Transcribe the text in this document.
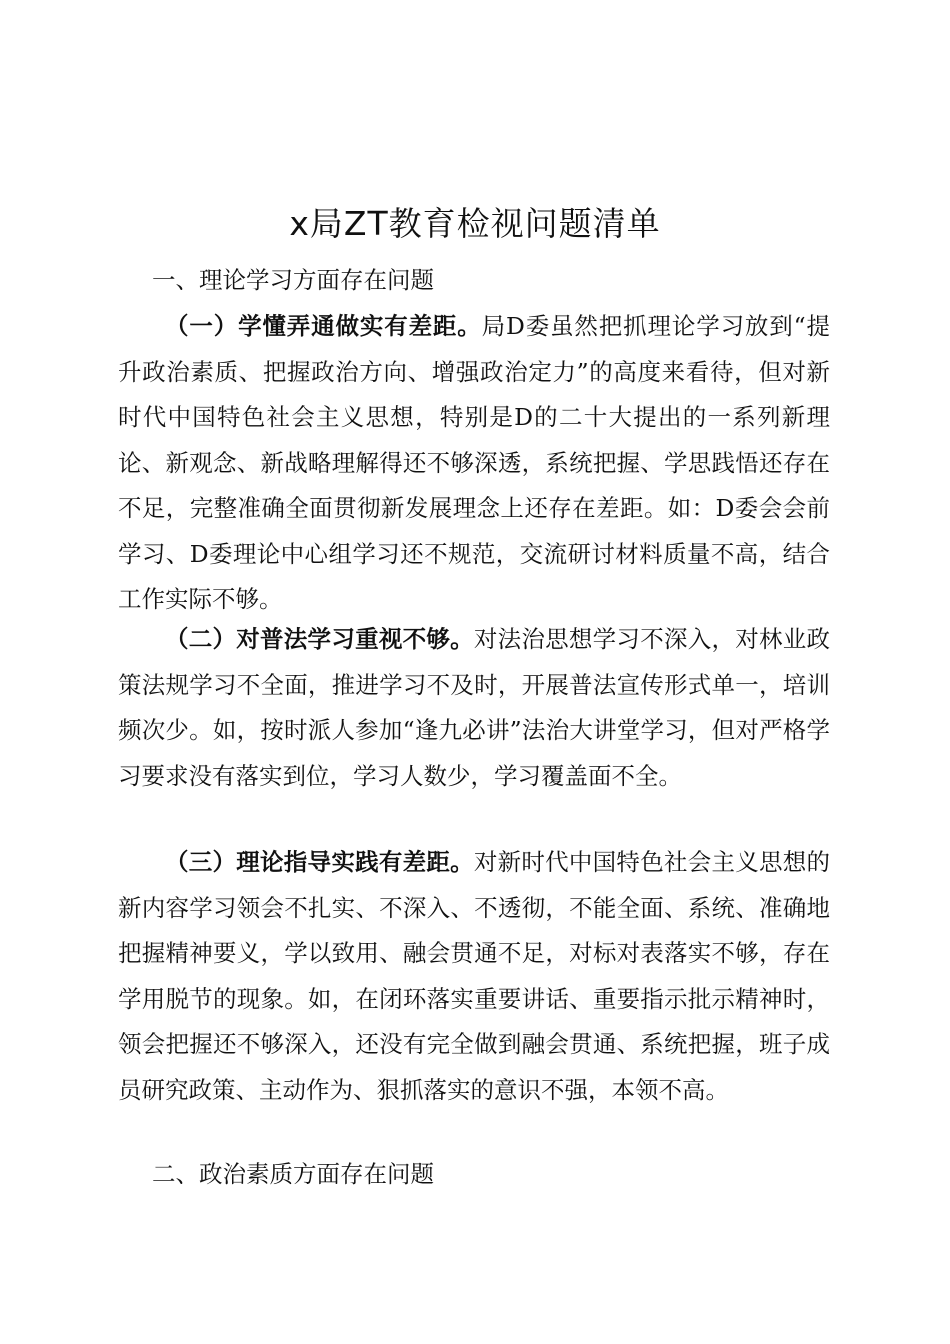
x局ZT教育检视问题清单
一、理论学习方面存在问题

（一）学懂弄通做实有差距。局D委虽然把抓理论学习放到“提升政治素质、把握政治方向、增强政治定力”的高度来看待，但对新时代中国特色社会主义思想，特别是D的二十大提出的一系列新理论、新观念、新战略理解得还不够深透，系统把握、学思践悟还存在不足，完整准确全面贯彻新发展理念上还存在差距。如：D委会会前学习、D委理论中心组学习还不规范，交流研讨材料质量不高，结合工作实际不够。

（二）对普法学习重视不够。对法治思想学习不深入，对林业政策法规学习不全面，推进学习不及时，开展普法宣传形式单一，培训频次少。如，按时派人参加“逢九必讲”法治大讲堂学习，但对严格学习要求没有落实到位，学习人数少，学习覆盖面不全。

（三）理论指导实践有差距。对新时代中国特色社会主义思想的新内容学习领会不扎实、不深入、不透彻，不能全面、系统、准确地把握精神要义，学以致用、融会贯通不足，对标对表落实不够，存在学用脱节的现象。如，在闭环落实重要讲话、重要指示批示精神时，领会把握还不够深入，还没有完全做到融会贯通、系统把握，班子成员研究政策、主动作为、狠抓落实的意识不强，本领不高。

二、政治素质方面存在问题
